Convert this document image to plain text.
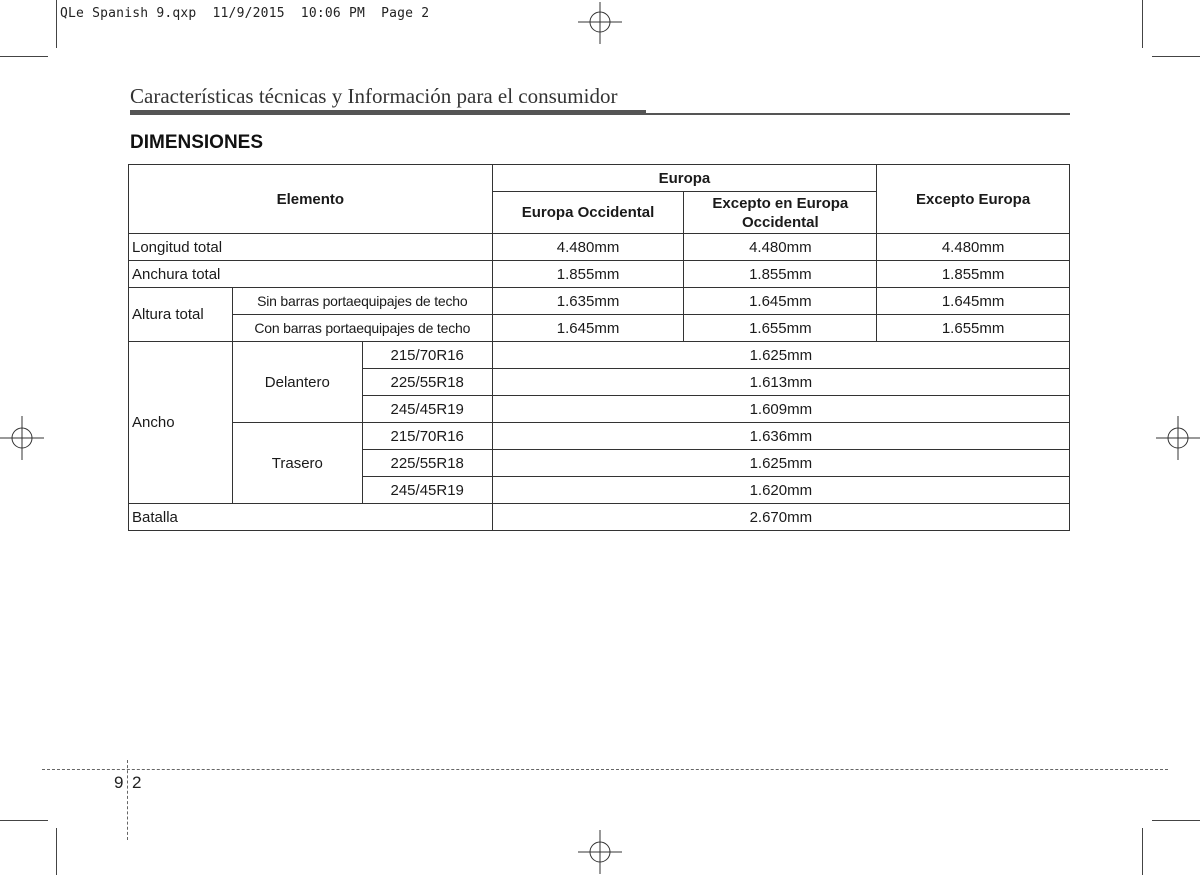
QLe Spanish 9.qxp  11/9/2015  10:06 PM  Page 2
Características técnicas y Información para el consumidor
DIMENSIONES
Elemento			Europa		Excepto Europa
			Europa Occidental	Excepto en Europa Occidental	
Longitud total			4.480mm	4.480mm	4.480mm
Anchura total			1.855mm	1.855mm	1.855mm
Altura total	Sin barras portaequipajes de techo		1.635mm	1.645mm	1.645mm
	Con barras portaequipajes de techo		1.645mm	1.655mm	1.655mm
Ancho	Delantero	215/70R16	1.625mm		
		225/55R18	1.613mm		
		245/45R19	1.609mm		
	Trasero	215/70R16	1.636mm		
		225/55R18	1.625mm		
		245/45R19	1.620mm		
Batalla			2.670mm		
9 2
